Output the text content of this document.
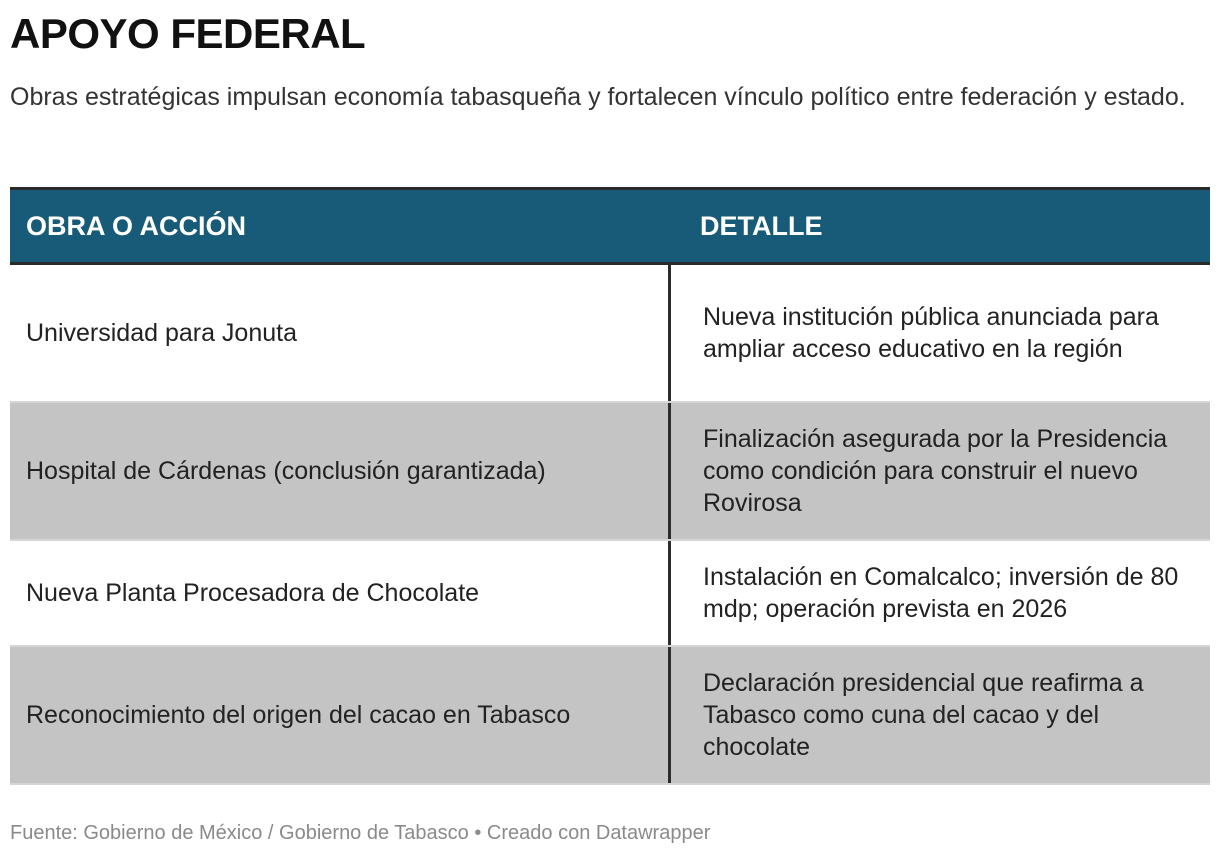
APOYO FEDERAL
Obras estratégicas impulsan economía tabasqueña y fortalecen vínculo político entre federación y estado.
OBRA O ACCIÓN	DETALLE
Universidad para Jonuta
Nueva institución pública anunciada para ampliar acceso educativo en la región
Hospital de Cárdenas (conclusión garantizada)
Finalización asegurada por la Presidencia como condición para construir el nuevo Rovirosa
Nueva Planta Procesadora de Chocolate
Instalación en Comalcalco; inversión de 80 mdp; operación prevista en 2026
Reconocimiento del origen del cacao en Tabasco
Declaración presidencial que reafirma a Tabasco como cuna del cacao y del chocolate
Fuente: Gobierno de México / Gobierno de Tabasco • Creado con Datawrapper
